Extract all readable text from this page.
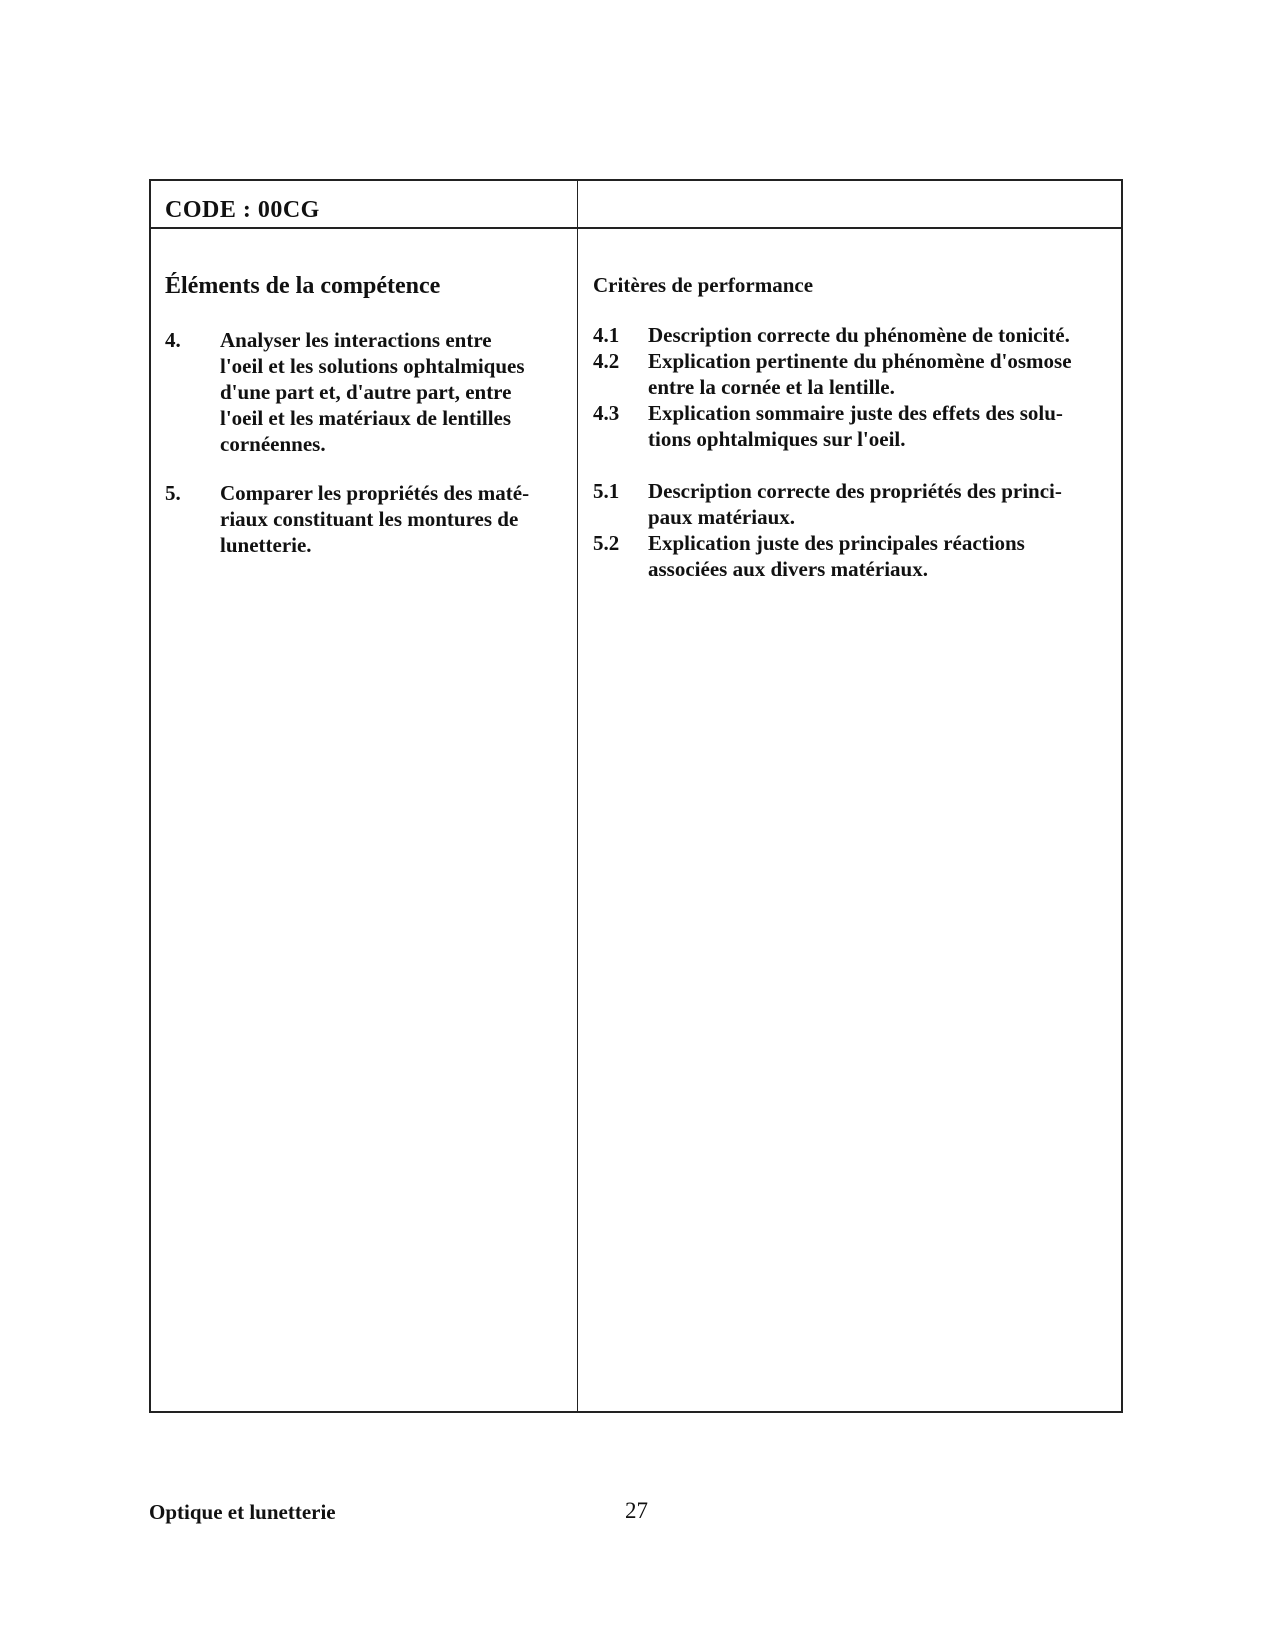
CODE : 00CG
Éléments de la compétence	Critères de performance
4. Analyser les interactions entre
l'oeil et les solutions ophtalmiques
d'une part et, d'autre part, entre
l'oeil et les matériaux de lentilles
cornéennes.
5. Comparer les propriétés des maté-
riaux constituant les montures de
lunetterie.
4.1 Description correcte du phénomène de tonicité.
4.2 Explication pertinente du phénomène d'osmose
entre la cornée et la lentille.
4.3 Explication sommaire juste des effets des solu-
tions ophtalmiques sur l'oeil.
5.1 Description correcte des propriétés des princi-
paux matériaux.
5.2 Explication juste des principales réactions
associées aux divers matériaux.
Optique et lunetterie	27
